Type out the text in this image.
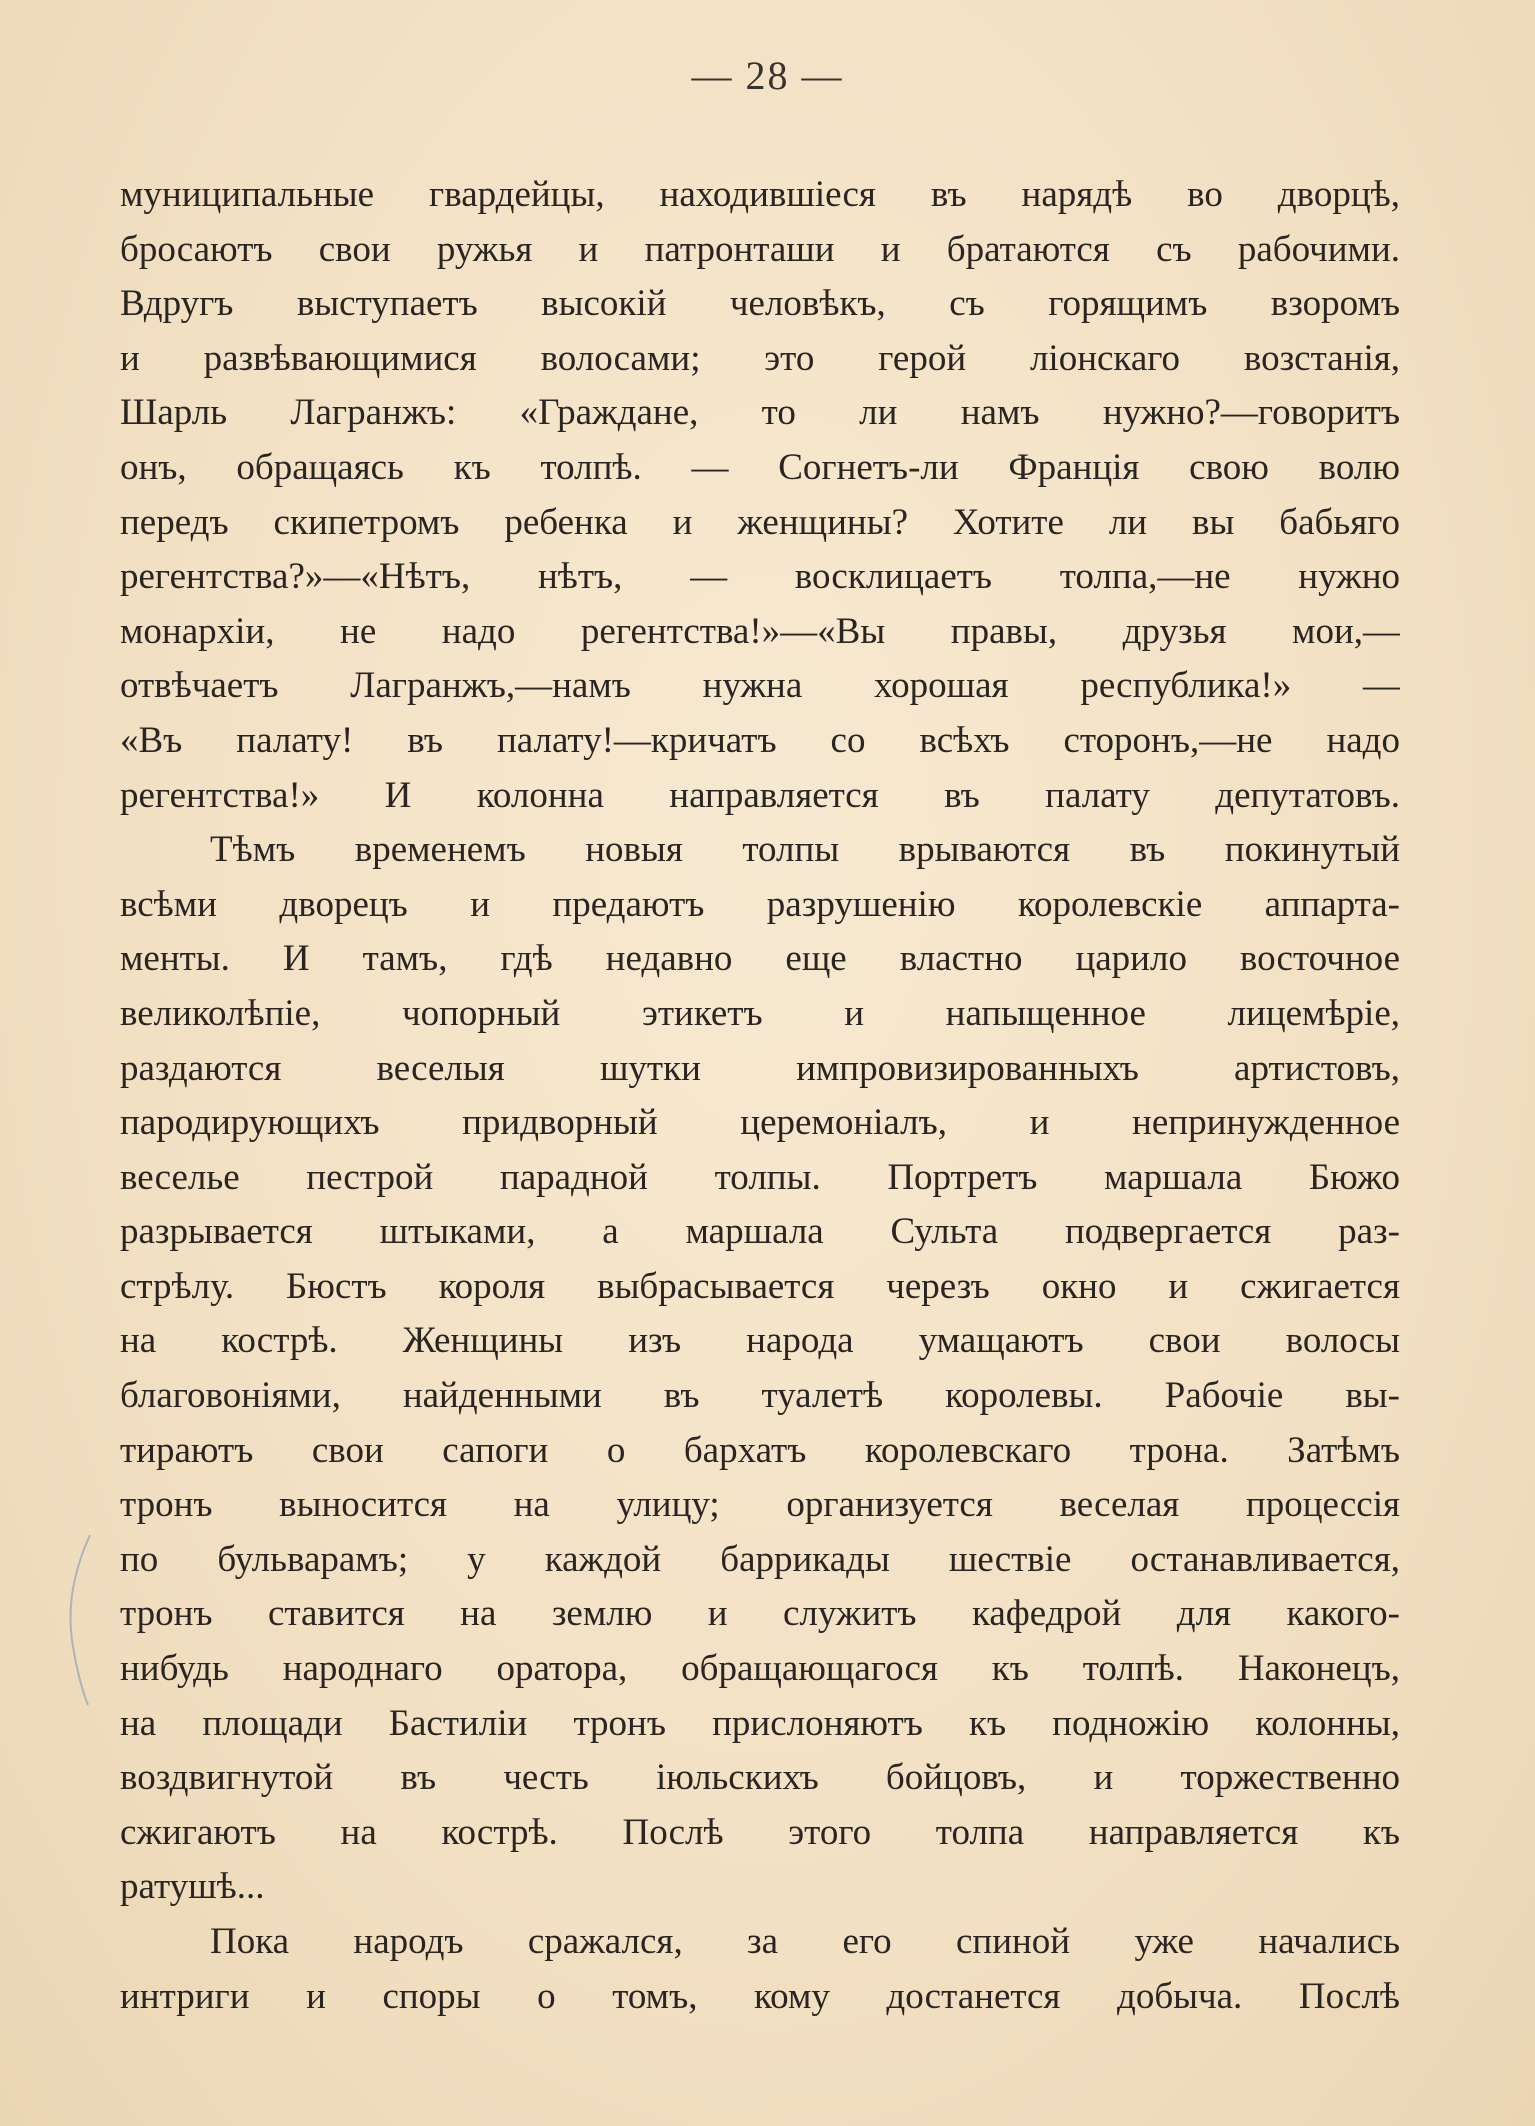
— 28 —
муниципальные гвардейцы, находившіеся въ нарядѣ во дворцѣ,
бросаютъ свои ружья и патронташи и братаются съ рабочими.
Вдругъ выступаетъ высокій человѣкъ, съ горящимъ взоромъ
и развѣвающимися волосами; это герой ліонскаго возстанія,
Шарль Лагранжъ: «Граждане, то ли намъ нужно?—говоритъ
онъ, обращаясь къ толпѣ. — Согнетъ-ли Франція свою волю
передъ скипетромъ ребенка и женщины? Хотите ли вы бабьяго
регентства?»—«Нѣтъ, нѣтъ, — восклицаетъ толпа,—не нужно
монархіи, не надо регентства!»—«Вы правы, друзья мои,—
отвѣчаетъ Лагранжъ,—намъ нужна хорошая республика!» —
«Въ палату! въ палату!—кричатъ со всѣхъ сторонъ,—не надо
регентства!» И колонна направляется въ палату депутатовъ.
Тѣмъ временемъ новыя толпы врываются въ покинутый
всѣми дворецъ и предаютъ разрушенію королевскіе аппарта-
менты. И тамъ, гдѣ недавно еще властно царило восточное
великолѣпіе, чопорный этикетъ и напыщенное лицемѣріе,
раздаются веселыя шутки импровизированныхъ артистовъ,
пародирующихъ придворный церемоніалъ, и непринужденное
веселье пестрой парадной толпы. Портретъ маршала Бюжо
разрывается штыками, а маршала Сульта подвергается раз-
стрѣлу. Бюстъ короля выбрасывается черезъ окно и сжигается
на кострѣ. Женщины изъ народа умащаютъ свои волосы
благовоніями, найденными въ туалетѣ королевы. Рабочіе вы-
тираютъ свои сапоги о бархатъ королевскаго трона. Затѣмъ
тронъ выносится на улицу; организуется веселая процессія
по бульварамъ; у каждой баррикады шествіе останавливается,
тронъ ставится на землю и служитъ кафедрой для какого-
нибудь народнаго оратора, обращающагося къ толпѣ. Наконецъ,
на площади Бастиліи тронъ прислоняютъ къ подножію колонны,
воздвигнутой въ честь іюльскихъ бойцовъ, и торжественно
сжигаютъ на кострѣ. Послѣ этого толпа направляется къ
ратушѣ...
Пока народъ сражался, за его спиной уже начались
интриги и споры о томъ, кому достанется добыча. Послѣ
